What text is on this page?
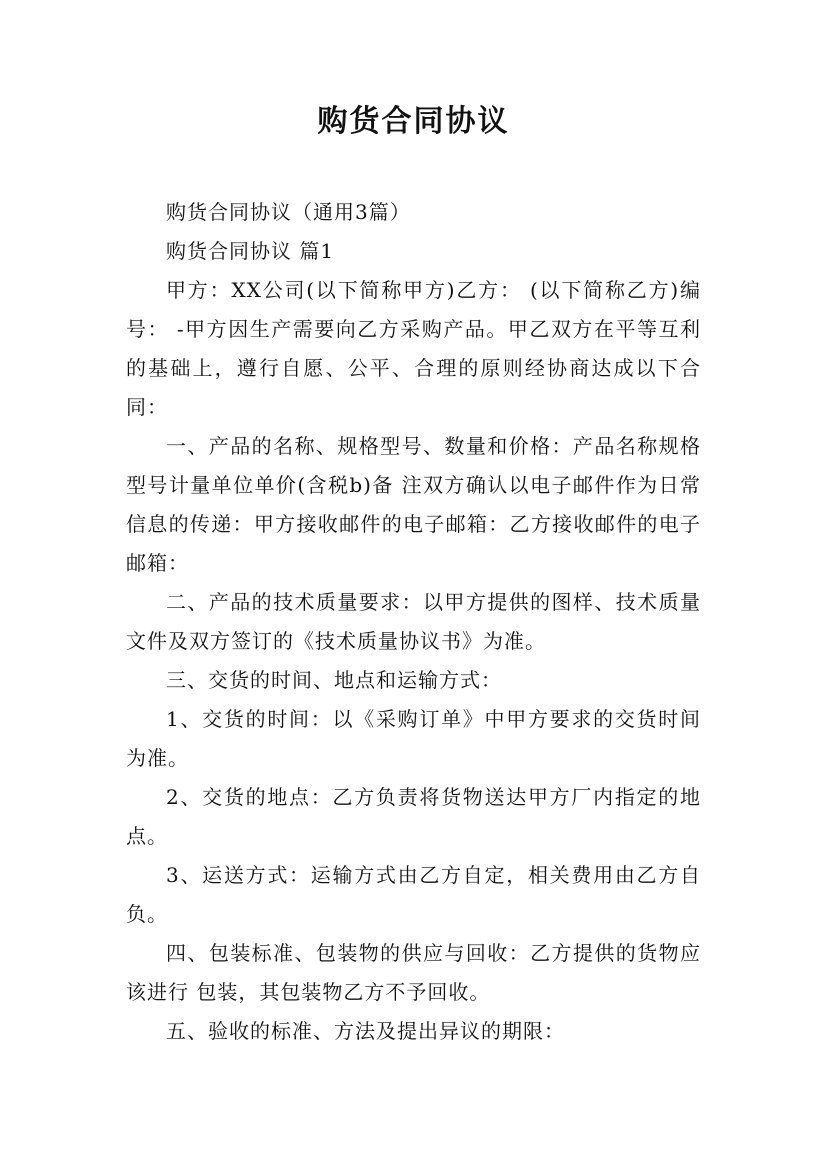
购货合同协议

购货合同协议（通用3篇）

购货合同协议 篇1

甲方：XX公司(以下简称甲方)乙方： (以下简称乙方)编号： -甲方因生产需要向乙方采购产品。甲乙双方在平等互利的基础上，遵行自愿、公平、合理的原则经协商达成以下合同：

一、产品的名称、规格型号、数量和价格：产品名称规格型号计量单位单价(含税b)备 注双方确认以电子邮件作为日常信息的传递：甲方接收邮件的电子邮箱：乙方接收邮件的电子邮箱：

二、产品的技术质量要求：以甲方提供的图样、技术质量文件及双方签订的《技术质量协议书》为准。

三、交货的时间、地点和运输方式：

1、交货的时间：以《采购订单》中甲方要求的交货时间为准。

2、交货的地点：乙方负责将货物送达甲方厂内指定的地点。

3、运送方式：运输方式由乙方自定，相关费用由乙方自负。

四、包装标准、包装物的供应与回收：乙方提供的货物应该进行 包装，其包装物乙方不予回收。

五、验收的标准、方法及提出异议的期限：
